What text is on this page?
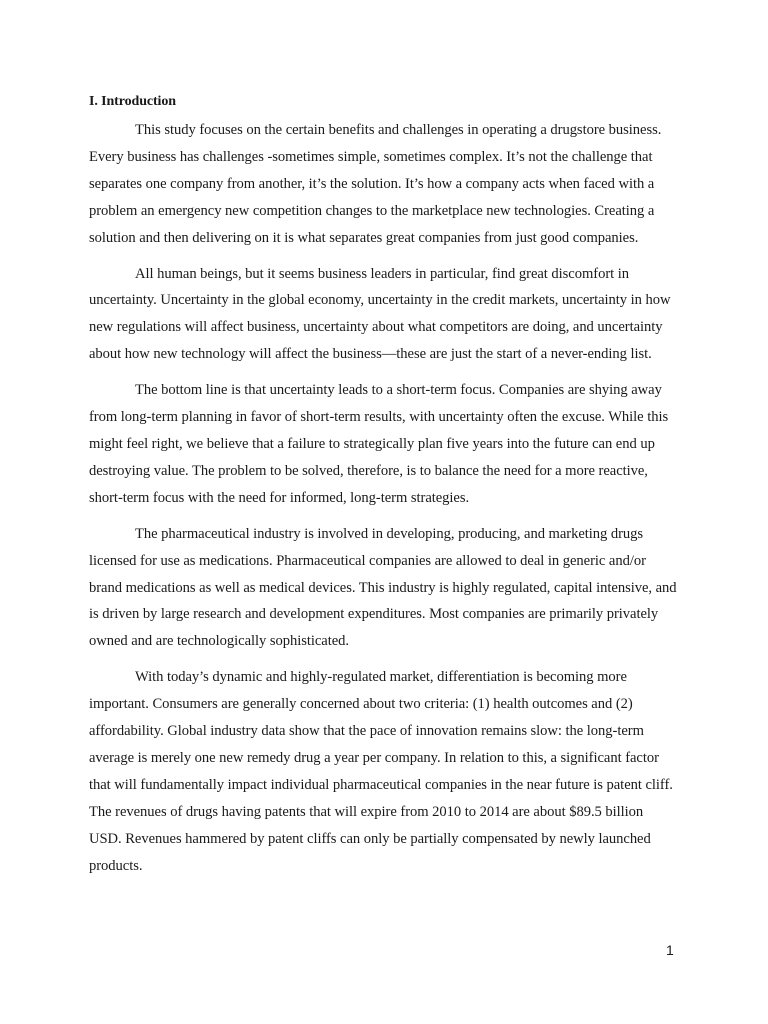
I. Introduction

This study focuses on the certain benefits and challenges in operating a drugstore business. Every business has challenges -sometimes simple, sometimes complex. It’s not the challenge that separates one company from another, it’s the solution. It’s how a company acts when faced with a problem an emergency new competition changes to the marketplace new technologies. Creating a solution and then delivering on it is what separates great companies from just good companies.

All human beings, but it seems business leaders in particular, find great discomfort in uncertainty. Uncertainty in the global economy, uncertainty in the credit markets, uncertainty in how new regulations will affect business, uncertainty about what competitors are doing, and uncertainty about how new technology will affect the business—these are just the start of a never-ending list.

The bottom line is that uncertainty leads to a short-term focus. Companies are shying away from long-term planning in favor of short-term results, with uncertainty often the excuse. While this might feel right, we believe that a failure to strategically plan five years into the future can end up destroying value. The problem to be solved, therefore, is to balance the need for a more reactive, short-term focus with the need for informed, long-term strategies.

The pharmaceutical industry is involved in developing, producing, and marketing drugs licensed for use as medications. Pharmaceutical companies are allowed to deal in generic and/or brand medications as well as medical devices. This industry is highly regulated, capital intensive, and is driven by large research and development expenditures. Most companies are primarily privately owned and are technologically sophisticated.

With today’s dynamic and highly-regulated market, differentiation is becoming more important. Consumers are generally concerned about two criteria: (1) health outcomes and (2) affordability. Global industry data show that the pace of innovation remains slow: the long-term average is merely one new remedy drug a year per company. In relation to this, a significant factor that will fundamentally impact individual pharmaceutical companies in the near future is patent cliff. The revenues of drugs having patents that will expire from 2010 to 2014 are about $89.5 billion USD. Revenues hammered by patent cliffs can only be partially compensated by newly launched products.

1
